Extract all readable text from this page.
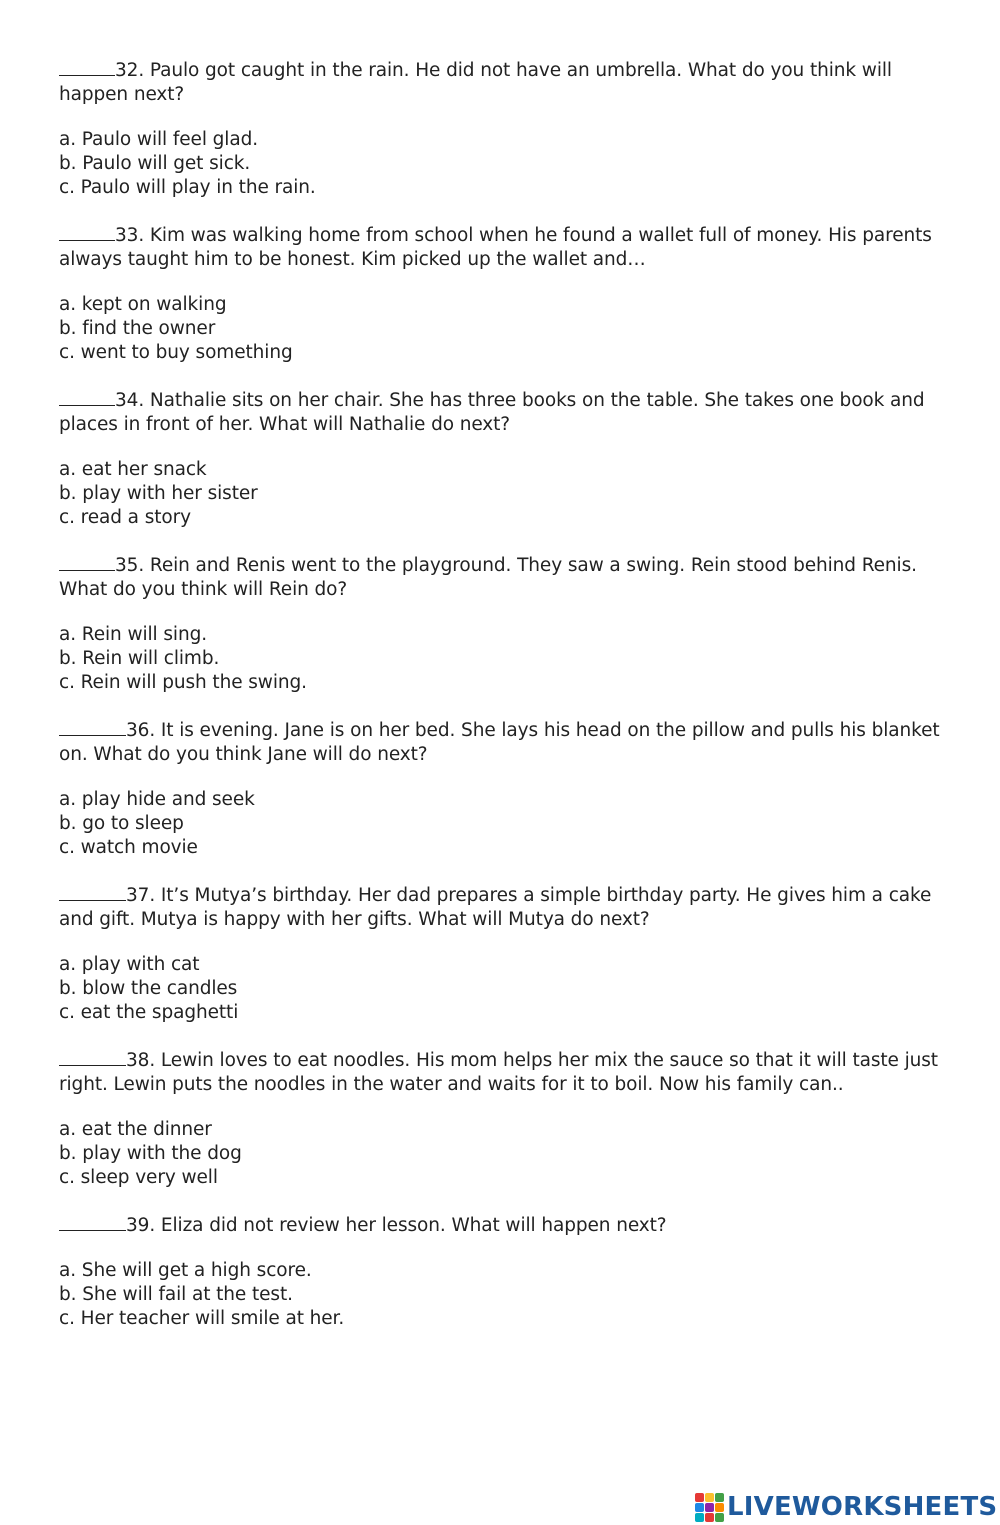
32. Paulo got caught in the rain. He did not have an umbrella. What do you think will happen next?

a. Paulo will feel glad.
b. Paulo will get sick.
c. Paulo will play in the rain.

33. Kim was walking home from school when he found a wallet full of money. His parents always taught him to be honest. Kim picked up the wallet and…

a. kept on walking
b. find the owner
c. went to buy something

34. Nathalie sits on her chair. She has three books on the table. She takes one book and places in front of her. What will Nathalie do next?

a. eat her snack
b. play with her sister
c. read a story

35. Rein and Renis went to the playground. They saw a swing. Rein stood behind Renis. What do you think will Rein do?

a. Rein will sing.
b. Rein will climb.
c. Rein will push the swing.

36. It is evening. Jane is on her bed. She lays his head on the pillow and pulls his blanket on. What do you think Jane will do next?

a. play hide and seek
b. go to sleep
c. watch movie

37. It’s Mutya’s birthday. Her dad prepares a simple birthday party. He gives him a cake and gift. Mutya is happy with her gifts. What will Mutya do next?

a. play with cat
b. blow the candles
c. eat the spaghetti

38. Lewin loves to eat noodles. His mom helps her mix the sauce so that it will taste just right. Lewin puts the noodles in the water and waits for it to boil. Now his family can..

a. eat the dinner
b. play with the dog
c. sleep very well

39. Eliza did not review her lesson. What will happen next?

a. She will get a high score.
b. She will fail at the test.
c. Her teacher will smile at her.
LIVEWORKSHEETS
